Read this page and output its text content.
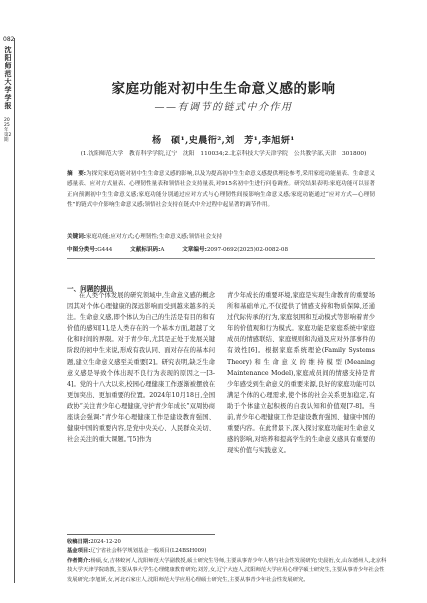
082
沈阳师范大学学报
2025年第2期
家庭功能对初中生生命意义感的影响
——有调节的链式中介作用
杨　硕¹,史晨衎²,刘　芳¹,李旭妍¹
(1.沈阳师范大学　教育科学学院,辽宁　沈阳　110034;2.北京科技大学天津学院　公共教学部,天津　301800)
摘　要:为探究家庭功能对初中生生命意义感的影响,以及为提高初中生生命意义感提供理论参考,采用家庭功能量表、生命意义感量表、应对方式量表、心理韧性量表和领悟社会支持量表,对915名初中生进行问卷调查。研究结果表明:家庭功能可以显著正向预测初中生生命意义感;家庭功能分别通过应对方式与心理韧性间接影响生命意义感;家庭功能通过“应对方式—心理韧性”的链式中介影响生命意义感;领悟社会支持在链式中介过程中起显著的调节作用。
关键词:家庭功能;应对方式;心理韧性;生命意义感;领悟社会支持
中图分类号:G444	文献标识码:A	文章编号:2097-0692(2025)02-0082-08
一、问题的提出
在人类个体发展的研究领域中,生命意义感的概念因其对个体心理健康的深远影响而受到越来越多的关注。生命意义感,即个体认为自己的生活是有目的和有价值的感知[1],是人类存在的一个基本方面,超越了文化和时间的界限。对于青少年,尤其是正处于发展关键阶段的初中生来说,形成有我认同、面对存在的基本问题,建立生命意义感至关重要[2]。研究表明,缺乏生命意义感是导致个体出现不良行为表现的原因之一[3-4]。党的十八大以来,校园心理健康工作逐渐被摆放在更加突出、更加重要的位置。2024年10月18日,全国政协“关注青少年心理健康,守护青少年成长”双周协商座谈会强调:“青少年心理健康工作是建设教育强国、健康中国的重要内容,是党中央关心、人民群众关切、社会关注的重大课题。”[5]作为
青少年成长的重要环境,家庭是实现生命教育的重要场所和基础单元,不仅提供了情感支持和物质保障,还通过代际传承的行为,家庭氛围和互动模式等影响着青少年的价值观和行为模式。家庭功能是家庭系统中家庭成员的情感联结、家庭规则和沟通及应对外部事件的有效性[6]。根据家庭系统理论(Family Systems Theory)和生命意义的维持模型(Meaning Maintenance Model),家庭成员间的情感支持是青少年感受到生命意义的重要来源,良好的家庭功能可以满足个体的心理需求,使个体的社会关系更加稳定,有助于个体建立起积极的自我认知和价值观[7-8]。当前,青少年心理健康工作是建设教育强国、健康中国的重要内容。在此背景下,深入探讨家庭功能对生命意义感的影响,对培养和提高学生的生命意义感具有重要的现实价值与实践意义。
收稿日期:2024-12-20
基金项目:辽宁省社会科学规划基金一般项目(L24BSH009)
作者简介:杨硕,女,吉林蛟河人,沈阳师范大学副教授,硕士研究生导师,主要从事青少年人格与社会性发展研究;史晨衎,女,山东德州人,北京科技大学天津学院助教,主要从事大学生心理健康教育研究;刘芳,女,辽宁大连人,沈阳师范大学应用心理学硕士研究生,主要从事青少年社会性发展研究;李旭妍,女,河北石家庄人,沈阳师范大学应用心理硕士研究生,主要从事青少年社会性发展研究。
